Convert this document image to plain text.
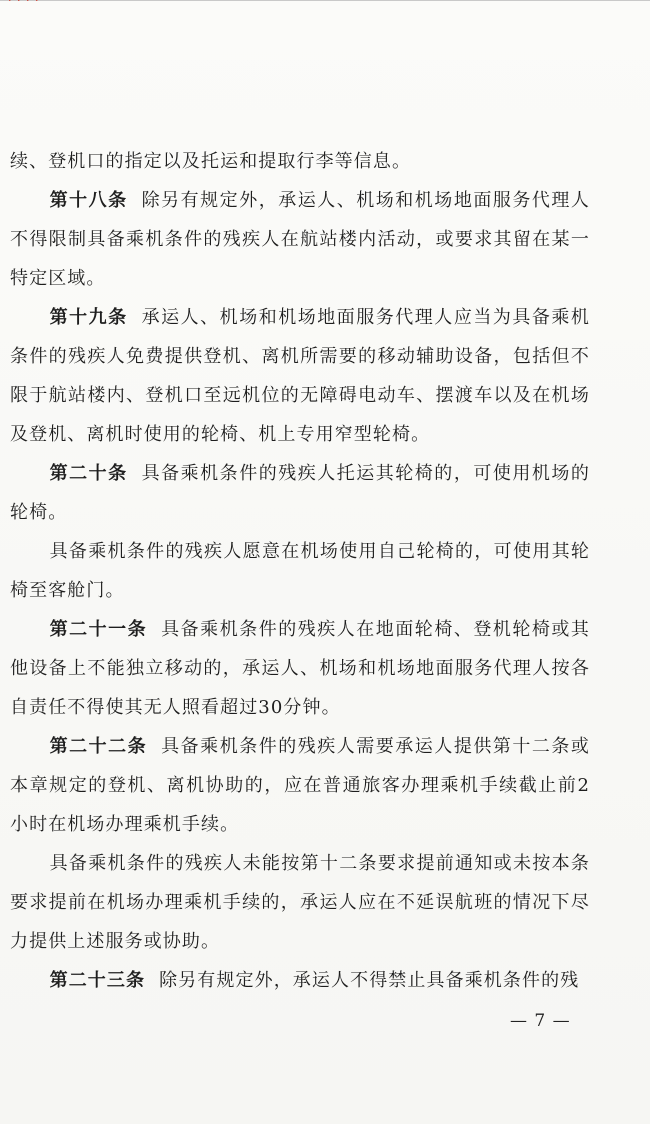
· · · ·

续、登机口的指定以及托运和提取行李等信息。

第十八条 除另有规定外，承运人、机场和机场地面服务代理人不得限制具备乘机条件的残疾人在航站楼内活动，或要求其留在某一特定区域。

第十九条 承运人、机场和机场地面服务代理人应当为具备乘机条件的残疾人免费提供登机、离机所需要的移动辅助设备，包括但不限于航站楼内、登机口至远机位的无障碍电动车、摆渡车以及在机场及登机、离机时使用的轮椅、机上专用窄型轮椅。

第二十条 具备乘机条件的残疾人托运其轮椅的，可使用机场的轮椅。

具备乘机条件的残疾人愿意在机场使用自己轮椅的，可使用其轮椅至客舱门。

第二十一条 具备乘机条件的残疾人在地面轮椅、登机轮椅或其他设备上不能独立移动的，承运人、机场和机场地面服务代理人按各自责任不得使其无人照看超过30分钟。

第二十二条 具备乘机条件的残疾人需要承运人提供第十二条或本章规定的登机、离机协助的，应在普通旅客办理乘机手续截止前2小时在机场办理乘机手续。

具备乘机条件的残疾人未能按第十二条要求提前通知或未按本条要求提前在机场办理乘机手续的，承运人应在不延误航班的情况下尽力提供上述服务或协助。

第二十三条 除另有规定外，承运人不得禁止具备乘机条件的残

— 7 —
